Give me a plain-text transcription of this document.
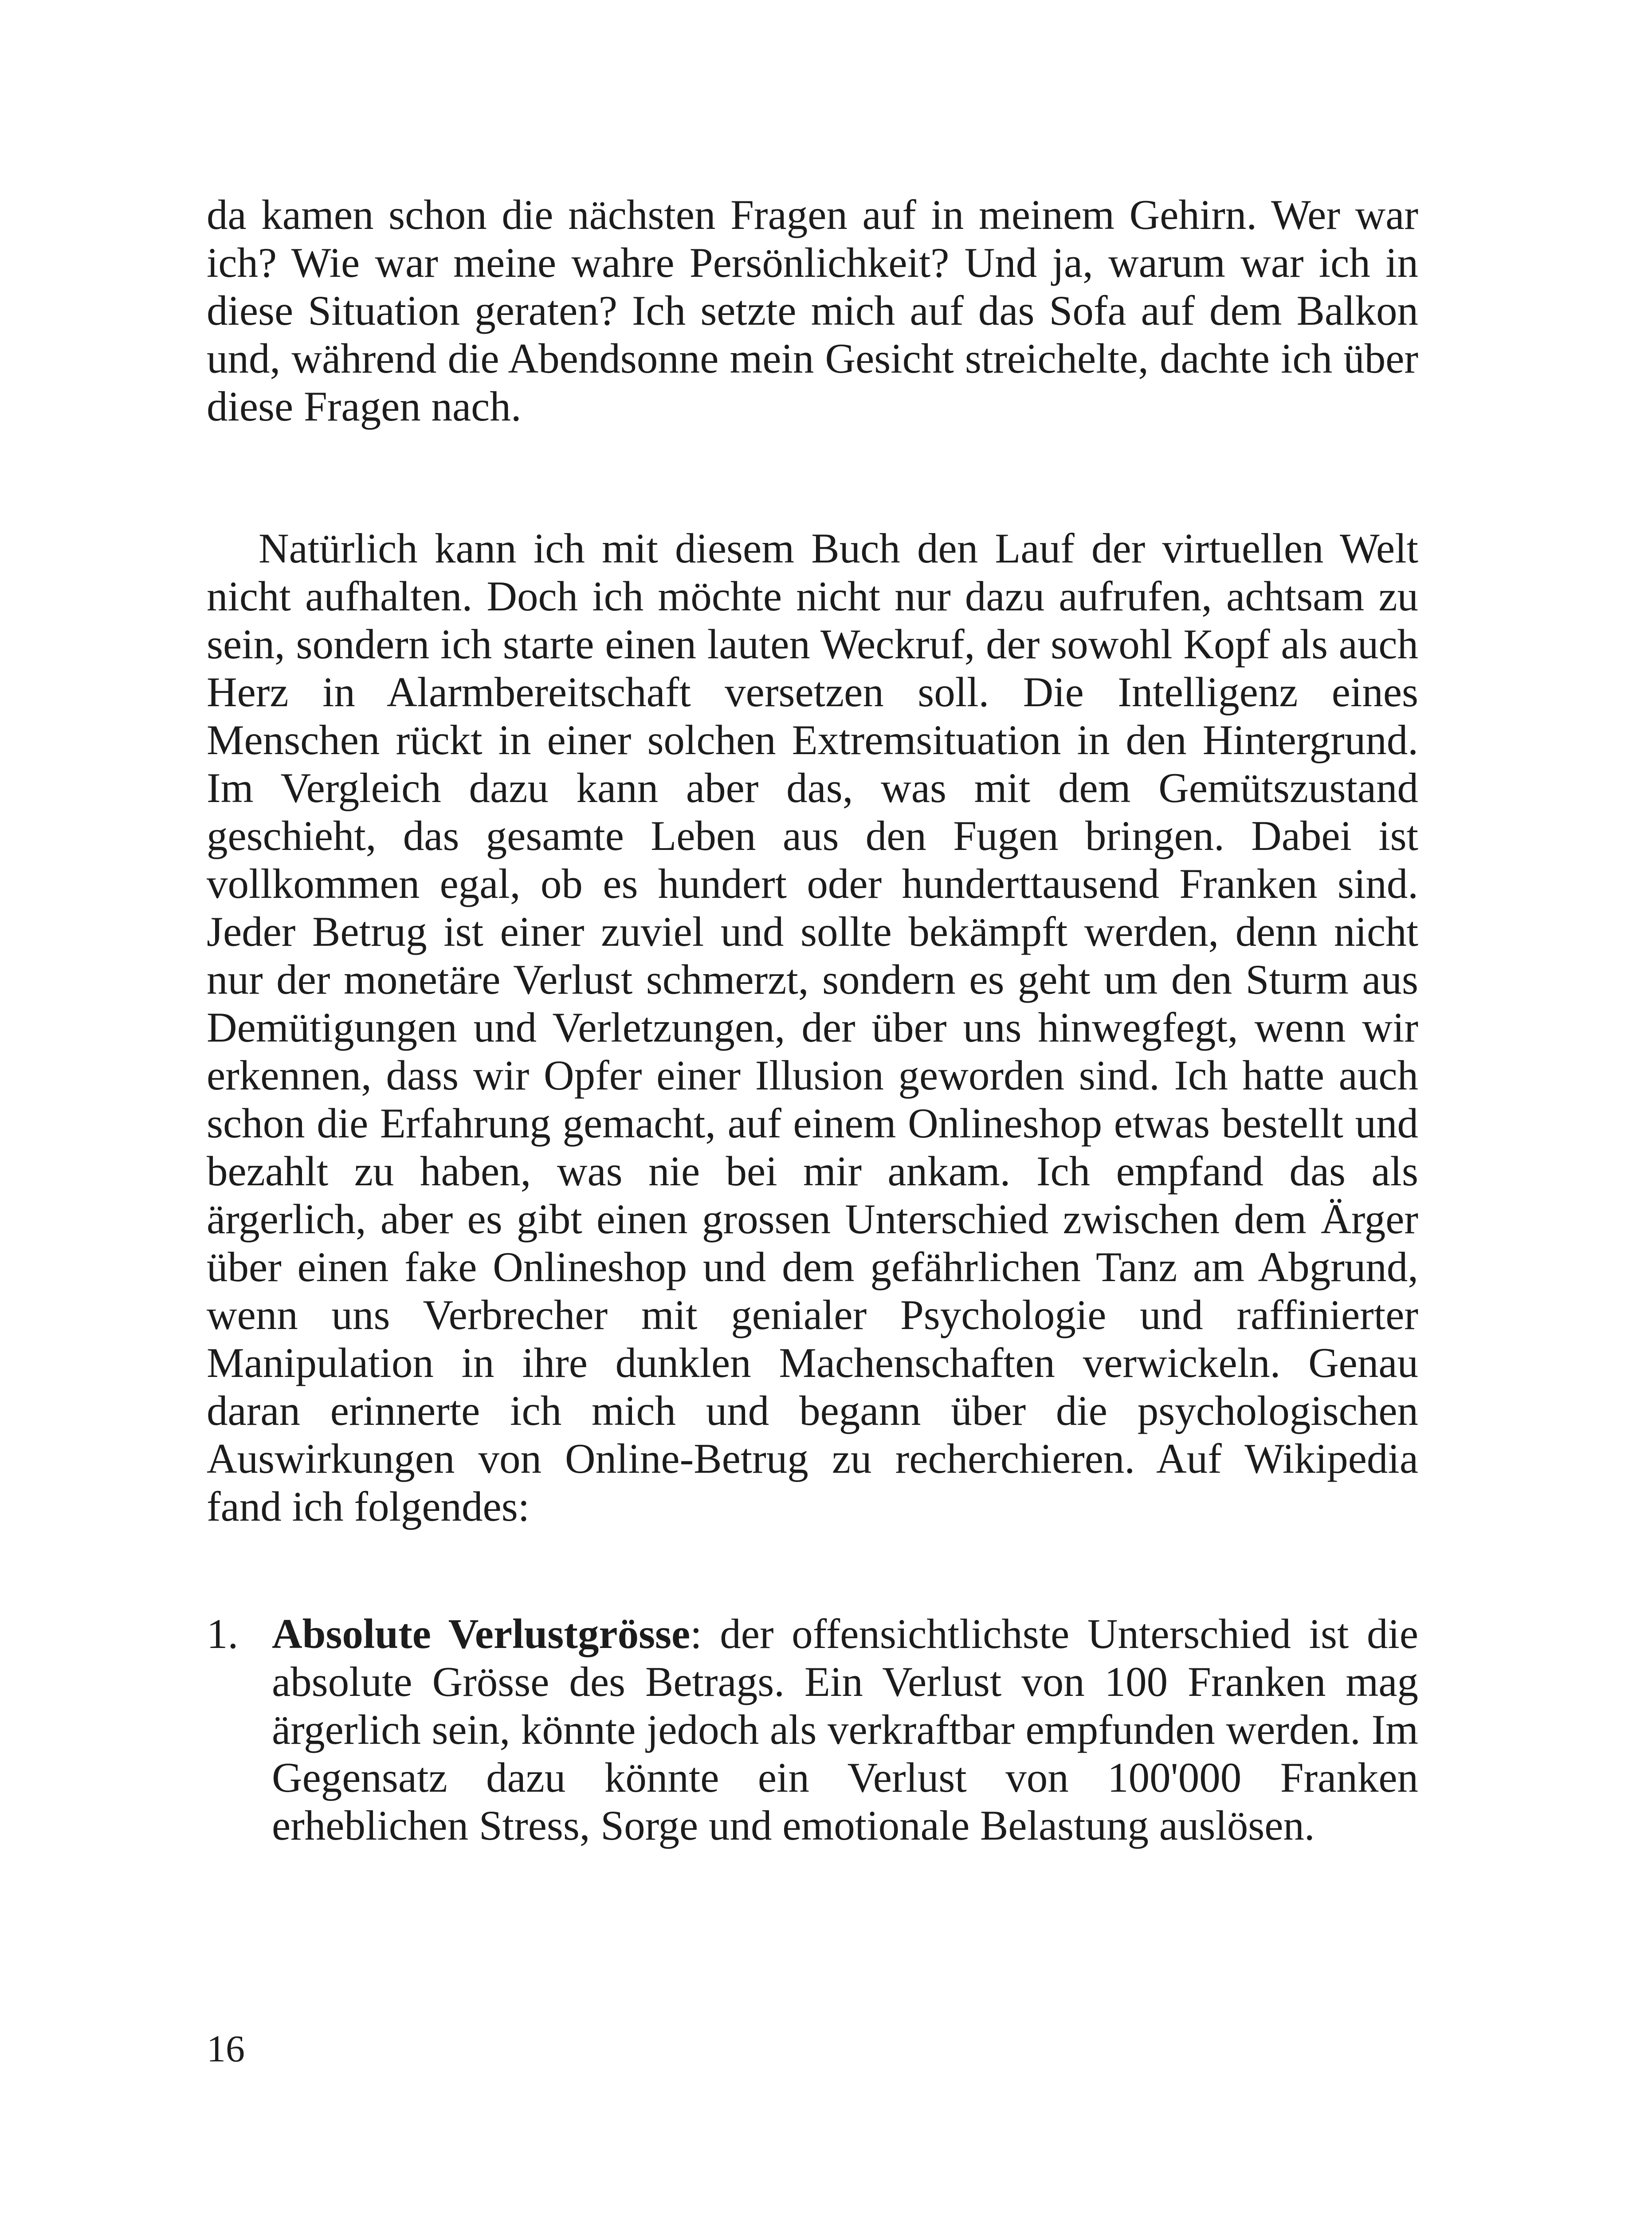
da kamen schon die nächsten Fragen auf in meinem Gehirn. Wer war ich? Wie war meine wahre Persönlichkeit? Und ja, warum war ich in diese Situation geraten? Ich setzte mich auf das Sofa auf dem Balkon und, während die Abendsonne mein Gesicht streichelte, dachte ich über diese Fragen nach.

Natürlich kann ich mit diesem Buch den Lauf der virtuellen Welt nicht aufhalten. Doch ich möchte nicht nur dazu aufrufen, achtsam zu sein, sondern ich starte einen lauten Weckruf, der sowohl Kopf als auch Herz in Alarmbereitschaft versetzen soll. Die Intelligenz eines Menschen rückt in einer solchen Extremsituation in den Hintergrund. Im Vergleich dazu kann aber das, was mit dem Gemütszustand geschieht, das gesamte Leben aus den Fugen bringen. Dabei ist vollkommen egal, ob es hundert oder hunderttausend Franken sind. Jeder Betrug ist einer zuviel und sollte bekämpft werden, denn nicht nur der monetäre Verlust schmerzt, sondern es geht um den Sturm aus Demütigungen und Verletzungen, der über uns hinwegfegt, wenn wir erkennen, dass wir Opfer einer Illusion geworden sind. Ich hatte auch schon die Erfahrung gemacht, auf einem Onlineshop etwas bestellt und bezahlt zu haben, was nie bei mir ankam. Ich empfand das als ärgerlich, aber es gibt einen grossen Unterschied zwischen dem Ärger über einen fake Onlineshop und dem gefährlichen Tanz am Abgrund, wenn uns Verbrecher mit genialer Psychologie und raffinierter Manipulation in ihre dunklen Machenschaften verwickeln. Genau daran erinnerte ich mich und begann über die psychologischen Auswirkungen von Online-Betrug zu recherchieren. Auf Wikipedia fand ich folgendes:

1. Absolute Verlustgrösse: der offensichtlichste Unterschied ist die absolute Grösse des Betrags. Ein Verlust von 100 Franken mag ärgerlich sein, könnte jedoch als verkraftbar empfunden werden. Im Gegensatz dazu könnte ein Verlust von 100'000 Franken erheblichen Stress, Sorge und emotionale Belastung auslösen.
16
